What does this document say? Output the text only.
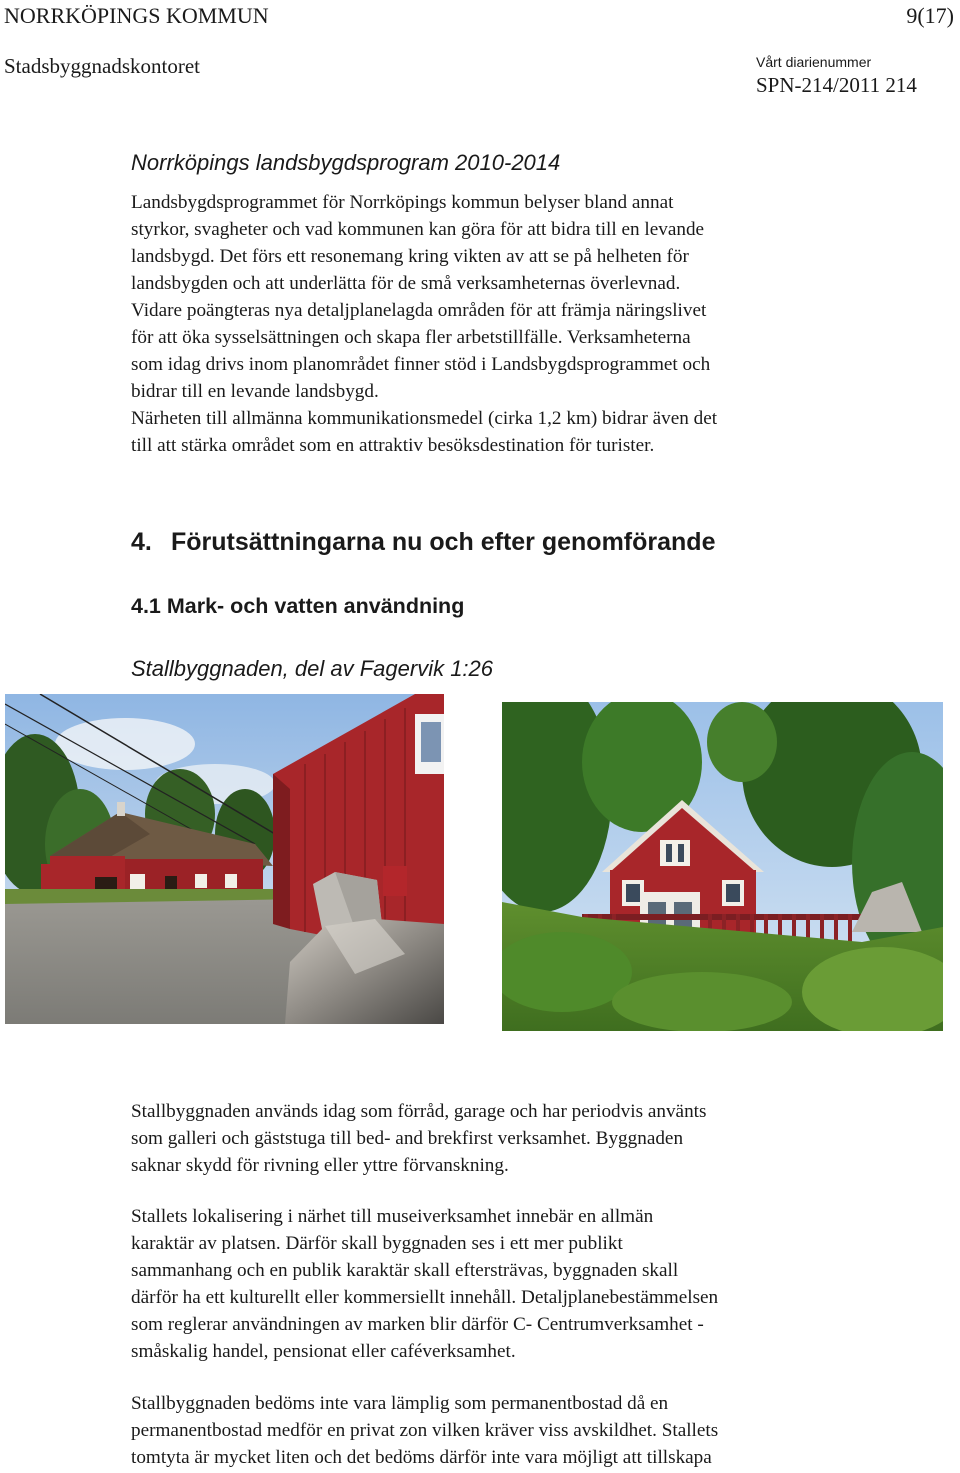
NORRKÖPINGS KOMMUN	9(17)
Stadsbyggnadskontoret	Vårt diarienummer
SPN-214/2011 214
Norrköpings landsbygdsprogram 2010-2014
Landsbygdsprogrammet för Norrköpings kommun belyser bland annat
styrkor, svagheter och vad kommunen kan göra för att bidra till en levande
landsbygd. Det förs ett resonemang kring vikten av att se på helheten för
landsbygden och att underlätta för de små verksamheternas överlevnad.
Vidare poängteras nya detaljplanelagda områden för att främja näringslivet
för att öka sysselsättningen och skapa fler arbetstillfälle. Verksamheterna
som idag drivs inom planområdet finner stöd i Landsbygdsprogrammet och
bidrar till en levande landsbygd.
Närheten till allmänna kommunikationsmedel (cirka 1,2 km) bidrar även det
till att stärka området som en attraktiv besöksdestination för turister.
4. Förutsättningarna nu och efter genomförande
4.1 Mark- och vatten användning
Stallbyggnaden, del av Fagervik 1:26
Stallbyggnaden används idag som förråd, garage och har periodvis använts
som galleri och gäststuga till bed- and brekfirst verksamhet. Byggnaden
saknar skydd för rivning eller yttre förvanskning.
Stallets lokalisering i närhet till museiverksamhet innebär en allmän
karaktär av platsen. Därför skall byggnaden ses i ett mer publikt
sammanhang och en publik karaktär skall eftersträvas, byggnaden skall
därför ha ett kulturellt eller kommersiellt innehåll. Detaljplanebestämmelsen
som reglerar användningen av marken blir därför C- Centrumverksamhet -
småskalig handel, pensionat eller caféverksamhet.
Stallbyggnaden bedöms inte vara lämplig som permanentbostad då en
permanentbostad medför en privat zon vilken kräver viss avskildhet. Stallets
tomtyta är mycket liten och det bedöms därför inte vara möjligt att tillskapa
